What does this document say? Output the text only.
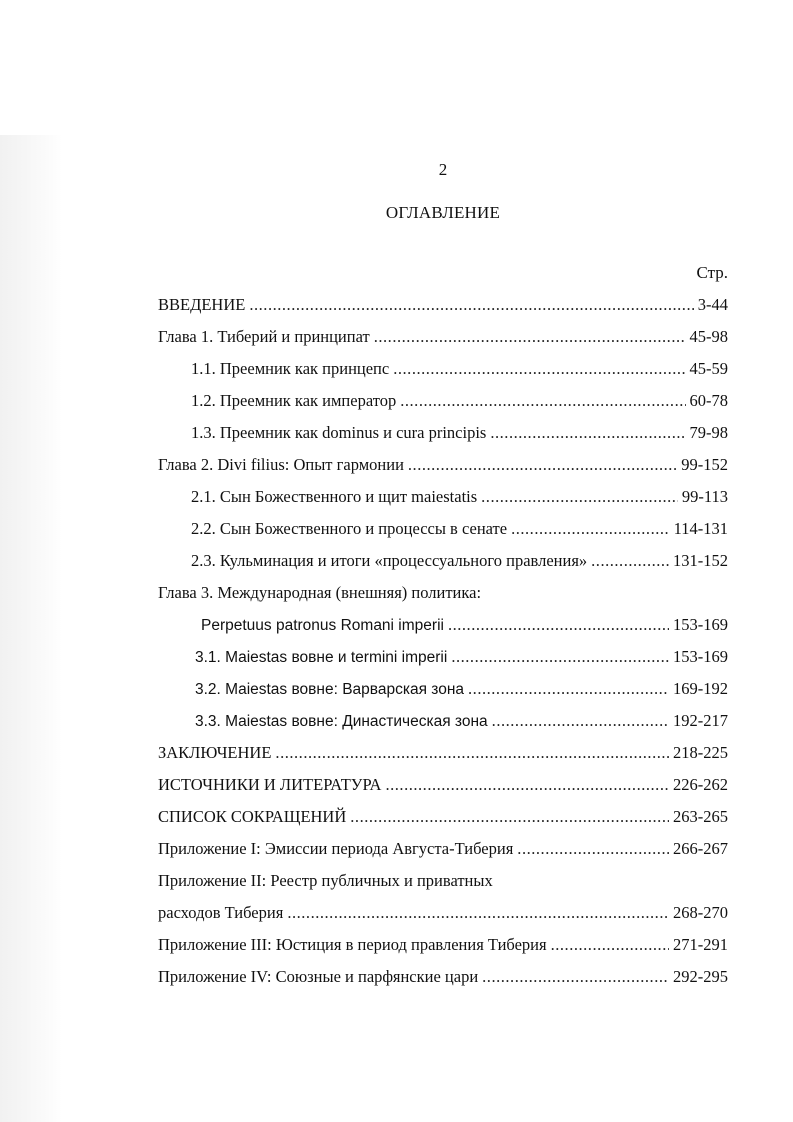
2
ОГЛАВЛЕНИЕ
Стр.
ВВЕДЕНИЕ . . .	3-44
Глава 1. Тиберий и принципат . . .	45-98
1.1. Преемник как принцепс . . .	45-59
1.2. Преемник как император . . .	60-78
1.3. Преемник как dominus и cura principis . . .	79-98
Глава 2. Divi filius: Опыт гармонии . . .	99-152
2.1. Сын Божественного и щит maiestatis . . .	99-113
2.2. Сын Божественного и процессы в сенате . . .	114-131
2.3. Кульминация и итоги «процессуального правления» . . .	131-152
Глава 3. Международная (внешняя) политика:
Perpetuus patronus Romani imperii . . .	153-169
3.1. Maiestas вовне и termini imperii . . .	153-169
3.2. Maiestas вовне: Варварская зона . . .	169-192
3.3. Maiestas вовне: Династическая зона . . .	192-217
ЗАКЛЮЧЕНИЕ . . .	218-225
ИСТОЧНИКИ И ЛИТЕРАТУРА . . .	226-262
СПИСОК СОКРАЩЕНИЙ . . .	263-265
Приложение I: Эмиссии периода Августа-Тиберия . . .	266-267
Приложение II: Реестр публичных и приватных
расходов Тиберия . . .	268-270
Приложение III: Юстиция в период правления Тиберия . . .	271-291
Приложение IV: Союзные и парфянские цари . . .	292-295
